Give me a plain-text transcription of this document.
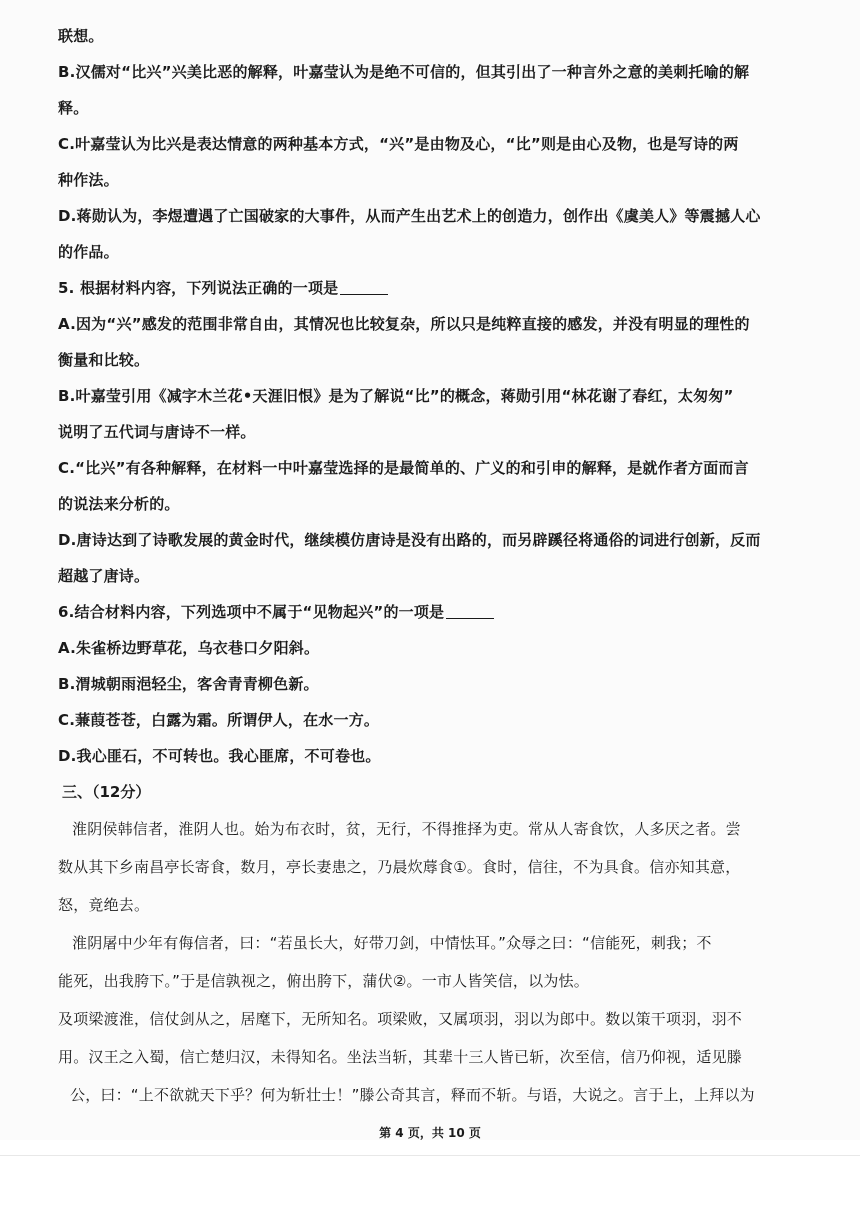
联想。
B.汉儒对“比兴”兴美比恶的解释，叶嘉莹认为是绝不可信的，但其引出了一种言外之意的美刺托喻的解
释。
C.叶嘉莹认为比兴是表达情意的两种基本方式，“兴”是由物及心，“比”则是由心及物，也是写诗的两
种作法。
D.蒋勋认为，李煜遭遇了亡国破家的大事件，从而产生出艺术上的创造力，创作出《虞美人》等震撼人心
的作品。
5. 根据材料内容，下列说法正确的一项是
A.因为“兴”感发的范围非常自由，其情况也比较复杂，所以只是纯粹直接的感发，并没有明显的理性的
衡量和比较。
B.叶嘉莹引用《减字木兰花•天涯旧恨》是为了解说“比”的概念，蒋勋引用“林花谢了春红，太匆匆”
说明了五代词与唐诗不一样。
C.“比兴”有各种解释，在材料一中叶嘉莹选择的是最简单的、广义的和引申的解释，是就作者方面而言
的说法来分析的。
D.唐诗达到了诗歌发展的黄金时代，继续模仿唐诗是没有出路的，而另辟蹊径将通俗的词进行创新，反而
超越了唐诗。
6.结合材料内容，下列选项中不属于“见物起兴”的一项是
A.朱雀桥边野草花，乌衣巷口夕阳斜。
B.渭城朝雨浥轻尘，客舍青青柳色新。
C.蒹葭苍苍，白露为霜。所谓伊人，在水一方。
D.我心匪石，不可转也。我心匪席，不可卷也。
三、（12分）
淮阴侯韩信者，淮阴人也。始为布衣时，贫，无行，不得推择为吏。常从人寄食饮，人多厌之者。尝
数从其下乡南昌亭长寄食，数月，亭长妻患之，乃晨炊蓐食①。食时，信往，不为具食。信亦知其意，
怒，竟绝去。
淮阴屠中少年有侮信者，曰：“若虽长大，好带刀剑，中情怯耳。”众辱之曰：“信能死，刺我；不
能死，出我胯下。”于是信孰视之，俯出胯下，蒲伏②。一市人皆笑信，以为怯。
及项梁渡淮，信仗剑从之，居麾下，无所知名。项梁败，又属项羽，羽以为郎中。数以策干项羽，羽不
用。汉王之入蜀，信亡楚归汉，未得知名。坐法当斩，其辈十三人皆已斩，次至信，信乃仰视，适见滕
公，曰：“上不欲就天下乎？何为斩壮士！”滕公奇其言，释而不斩。与语，大说之。言于上，上拜以为
第 4 页，共 10 页
